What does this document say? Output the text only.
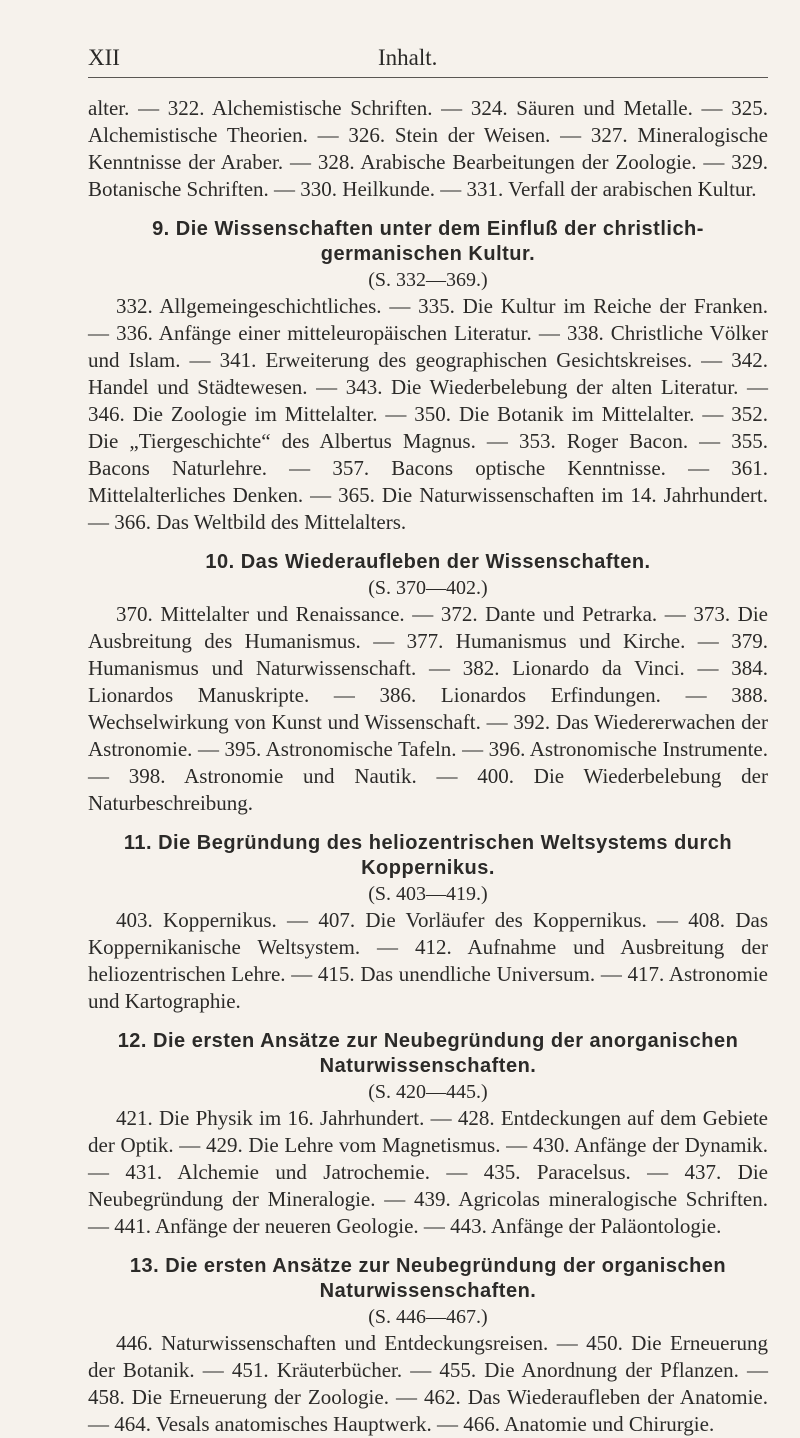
XII	Inhalt.

alter. — 322. Alchemistische Schriften. — 324. Säuren und Metalle. — 325. Alchemistische Theorien. — 326. Stein der Weisen. — 327. Mineralogische Kenntnisse der Araber. — 328. Arabische Bearbeitungen der Zoologie. — 329. Botanische Schriften. — 330. Heilkunde. — 331. Verfall der arabischen Kultur.

9. Die Wissenschaften unter dem Einfluß der christlich-germanischen Kultur.

(S. 332—369.)

332. Allgemeingeschichtliches. — 335. Die Kultur im Reiche der Franken. — 336. Anfänge einer mitteleuropäischen Literatur. — 338. Christliche Völker und Islam. — 341. Erweiterung des geographischen Gesichtskreises. — 342. Handel und Städtewesen. — 343. Die Wiederbelebung der alten Literatur. — 346. Die Zoologie im Mittelalter. — 350. Die Botanik im Mittelalter. — 352. Die „Tiergeschichte“ des Albertus Magnus. — 353. Roger Bacon. — 355. Bacons Naturlehre. — 357. Bacons optische Kenntnisse. — 361. Mittelalterliches Denken. — 365. Die Naturwissenschaften im 14. Jahrhundert. — 366. Das Weltbild des Mittelalters.

10. Das Wiederaufleben der Wissenschaften.

(S. 370—402.)

370. Mittelalter und Renaissance. — 372. Dante und Petrarka. — 373. Die Ausbreitung des Humanismus. — 377. Humanismus und Kirche. — 379. Humanismus und Naturwissenschaft. — 382. Lionardo da Vinci. — 384. Lionardos Manuskripte. — 386. Lionardos Erfindungen. — 388. Wechselwirkung von Kunst und Wissenschaft. — 392. Das Wiedererwachen der Astronomie. — 395. Astronomische Tafeln. — 396. Astronomische Instrumente. — 398. Astronomie und Nautik. — 400. Die Wiederbelebung der Naturbeschreibung.

11. Die Begründung des heliozentrischen Weltsystems durch Koppernikus.

(S. 403—419.)

403. Koppernikus. — 407. Die Vorläufer des Koppernikus. — 408. Das Koppernikanische Weltsystem. — 412. Aufnahme und Ausbreitung der heliozentrischen Lehre. — 415. Das unendliche Universum. — 417. Astronomie und Kartographie.

12. Die ersten Ansätze zur Neubegründung der anorganischen Naturwissenschaften.

(S. 420—445.)

421. Die Physik im 16. Jahrhundert. — 428. Entdeckungen auf dem Gebiete der Optik. — 429. Die Lehre vom Magnetismus. — 430. Anfänge der Dynamik. — 431. Alchemie und Jatrochemie. — 435. Paracelsus. — 437. Die Neubegründung der Mineralogie. — 439. Agricolas mineralogische Schriften. — 441. Anfänge der neueren Geologie. — 443. Anfänge der Paläontologie.

13. Die ersten Ansätze zur Neubegründung der organischen Naturwissenschaften.

(S. 446—467.)

446. Naturwissenschaften und Entdeckungsreisen. — 450. Die Erneuerung der Botanik. — 451. Kräuterbücher. — 455. Die Anordnung der Pflanzen. — 458. Die Erneuerung der Zoologie. — 462. Das Wiederaufleben der Anatomie. — 464. Vesals anatomisches Hauptwerk. — 466. Anatomie und Chirurgie.
